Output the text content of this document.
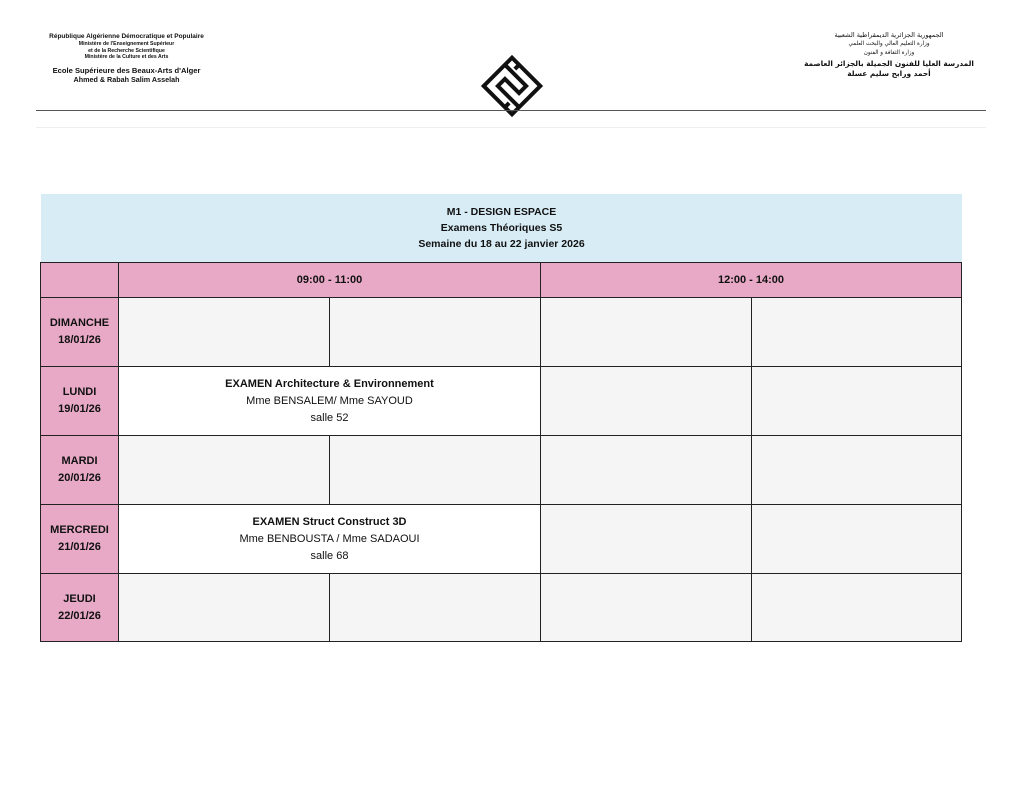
République Algérienne Démocratique et Populaire
Ministère de l'Enseignement Supérieur
et de la Recherche Scientifique
Ministère de la Culture et des Arts
Ecole Supérieure des Beaux-Arts d'Alger
Ahmed & Rabah Salim Asselah
الجمهورية الجزائرية الديمقراطية الشعبية
وزارة التعليم العالي والبحث العلمي
وزارة الثقافة و الفنون
المدرسة العليا للفنون الجميلة بالجزائر العاصمة
أحمد ورابح سليم عسلة
M1 - DESIGN ESPACE
Examens Théoriques S5
Semaine du 18 au 22 janvier 2026
09:00 - 11:00	12:00 - 14:00
DIMANCHE
18/01/26
LUNDI
19/01/26
EXAMEN Architecture & Environnement
Mme BENSALEM/ Mme SAYOUD
salle 52
MARDI
20/01/26
MERCREDI
21/01/26
EXAMEN Struct Construct 3D
Mme BENBOUSTA / Mme SADAOUI
salle 68
JEUDI
22/01/26
